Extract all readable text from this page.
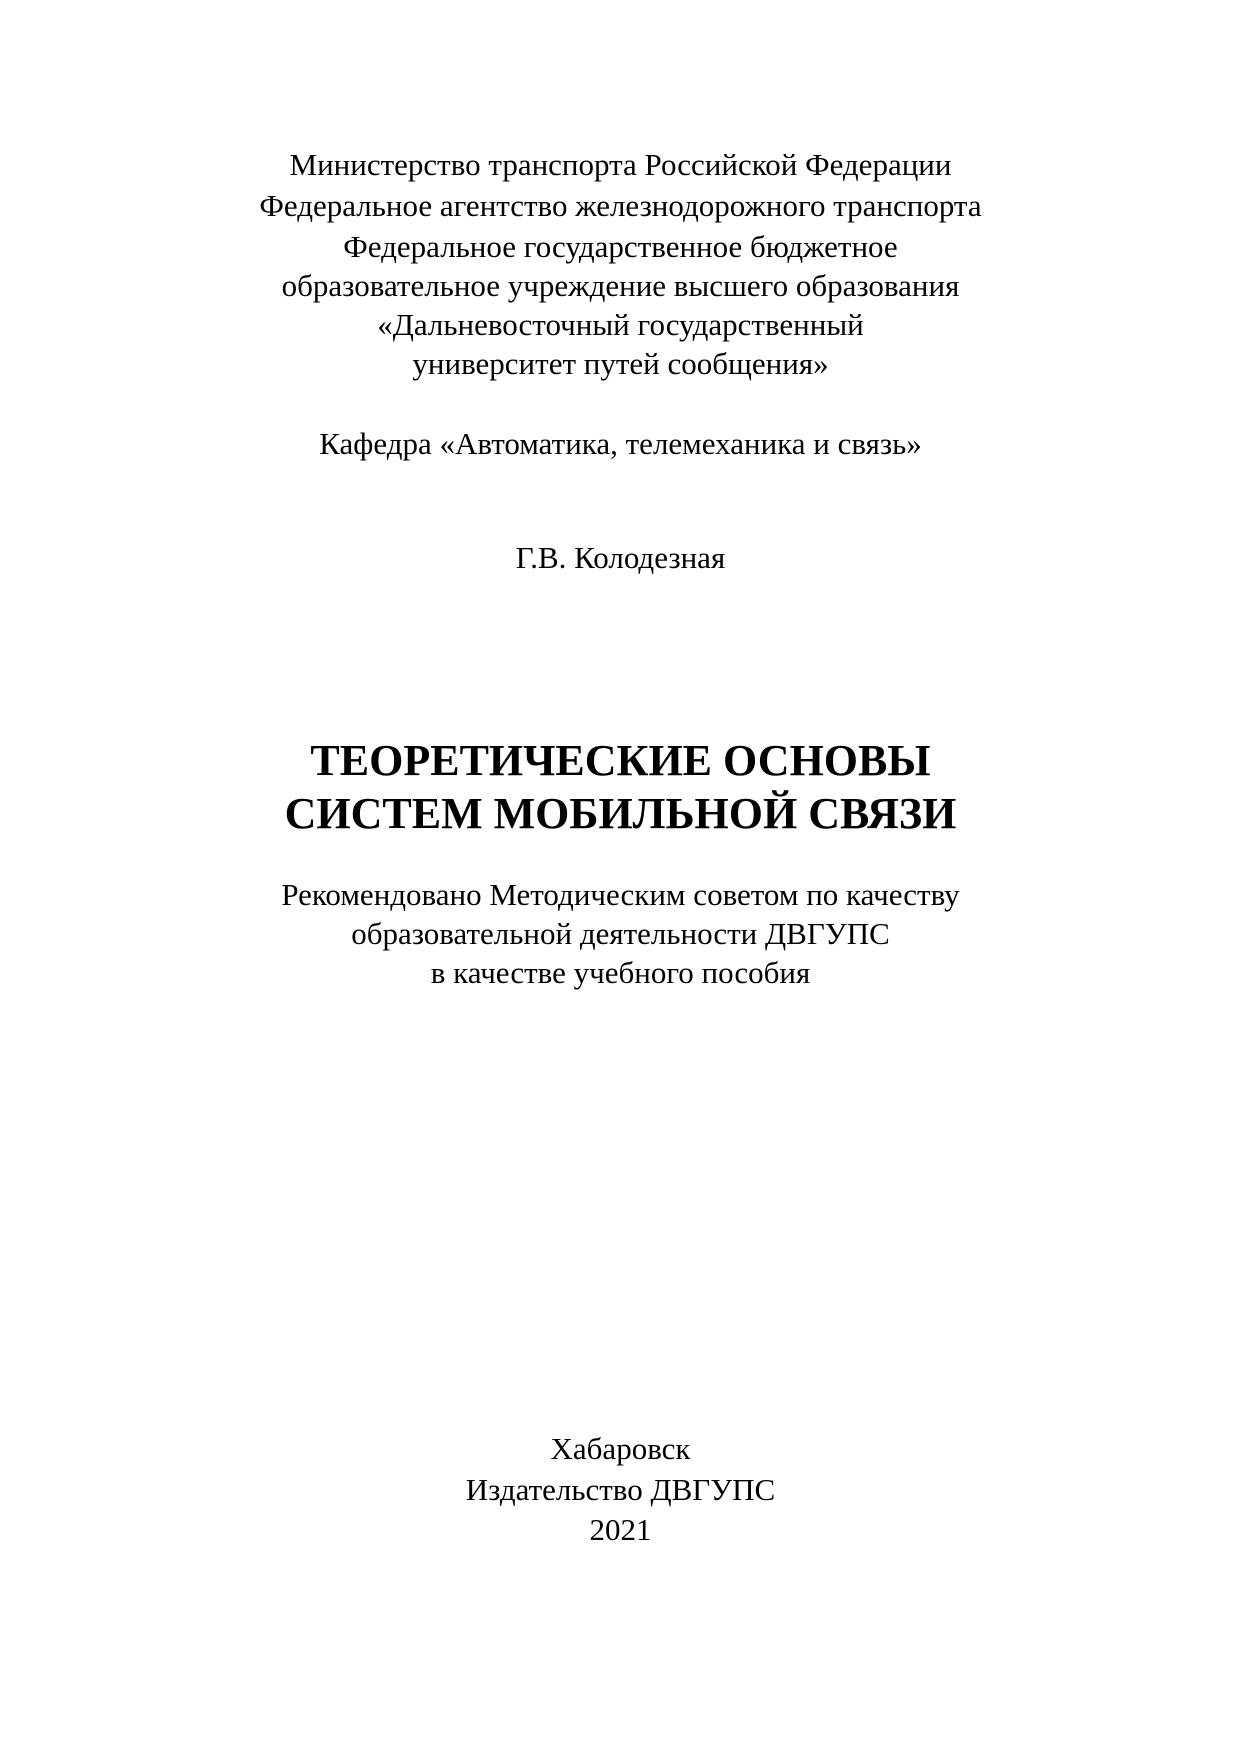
Министерство транспорта Российской Федерации
Федеральное агентство железнодорожного транспорта
Федеральное государственное бюджетное
образовательное учреждение высшего образования
«Дальневосточный государственный
университет путей сообщения»
Кафедра «Автоматика, телемеханика и связь»
Г.В. Колодезная
ТЕОРЕТИЧЕСКИЕ ОСНОВЫ
СИСТЕМ МОБИЛЬНОЙ СВЯЗИ
Рекомендовано Методическим советом по качеству
образовательной деятельности ДВГУПС
в качестве учебного пособия
Хабаровск
Издательство ДВГУПС
2021
